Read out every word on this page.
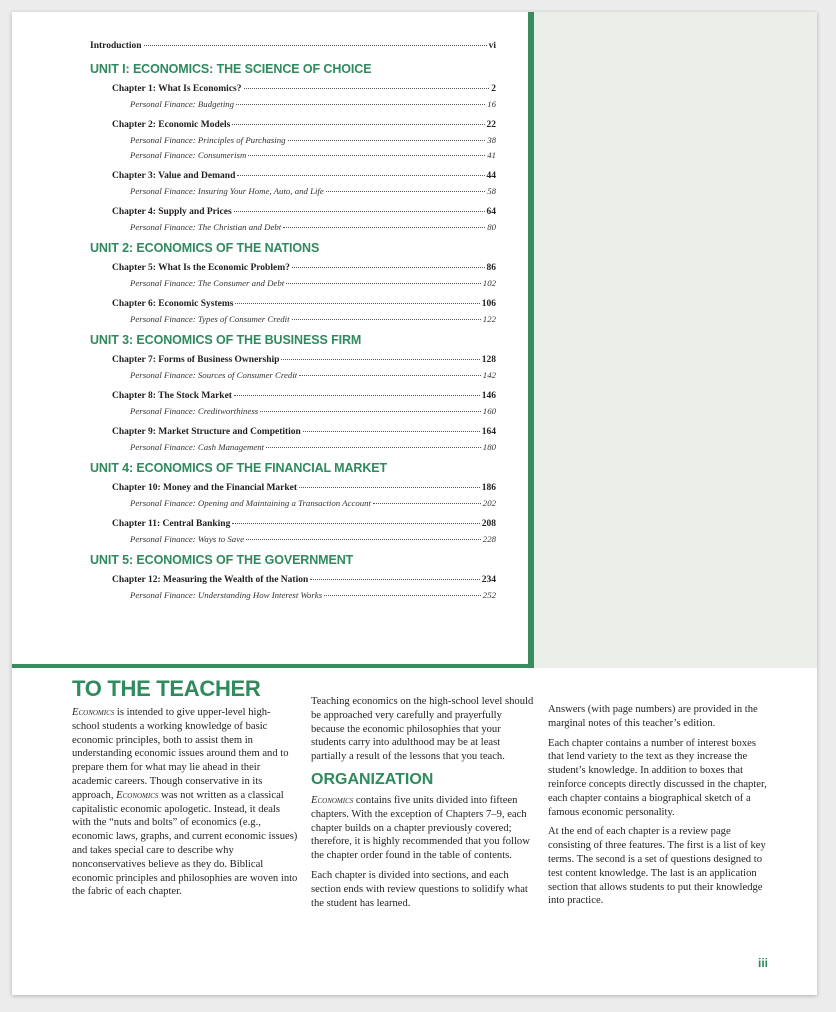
Introduction	vi
UNIT I: ECONOMICS: THE SCIENCE OF CHOICE
Chapter 1: What Is Economics?	2
Personal Finance: Budgeting	16
Chapter 2: Economic Models	22
Personal Finance: Principles of Purchasing	38
Personal Finance: Consumerism	41
Chapter 3: Value and Demand	44
Personal Finance: Insuring Your Home, Auto, and Life	58
Chapter 4: Supply and Prices	64
Personal Finance: The Christian and Debt	80
UNIT 2: ECONOMICS OF THE NATIONS
Chapter 5: What Is the Economic Problem?	86
Personal Finance: The Consumer and Debt	102
Chapter 6: Economic Systems	106
Personal Finance: Types of Consumer Credit	122
UNIT 3: ECONOMICS OF THE BUSINESS FIRM
Chapter 7: Forms of Business Ownership	128
Personal Finance: Sources of Consumer Credit	142
Chapter 8: The Stock Market	146
Personal Finance: Creditworthiness	160
Chapter 9: Market Structure and Competition	164
Personal Finance: Cash Management	180
UNIT 4: ECONOMICS OF THE FINANCIAL MARKET
Chapter 10: Money and the Financial Market	186
Personal Finance: Opening and Maintaining a Transaction Account	202
Chapter 11: Central Banking	208
Personal Finance: Ways to Save	228
UNIT 5: ECONOMICS OF THE GOVERNMENT
Chapter 12: Measuring the Wealth of the Nation	234
Personal Finance: Understanding How Interest Works	252
TO THE TEACHER

Economics is intended to give upper-level high-school students a working knowledge of basic economic principles, both to assist them in understanding economic issues around them and to prepare them for what may lie ahead in their academic careers. Though conservative in its approach, Economics was not written as a classical capitalistic economic apologetic. Instead, it deals with the “nuts and bolts” of economics (e.g., economic laws, graphs, and current economic issues) and takes special care to describe why nonconservatives believe as they do. Biblical economic principles and philosophies are woven into the fabric of each chapter.

Teaching economics on the high-school level should be approached very carefully and prayerfully because the economic philosophies that your students carry into adulthood may be at least partially a result of the lessons that you teach.

ORGANIZATION

Economics contains five units divided into fifteen chapters. With the exception of Chapters 7–9, each chapter builds on a chapter previously covered; therefore, it is highly recommended that you follow the chapter order found in the table of contents.

Each chapter is divided into sections, and each section ends with review questions to solidify what the student has learned.

Answers (with page numbers) are provided in the marginal notes of this teacher’s edition.

Each chapter contains a number of interest boxes that lend variety to the text as they increase the student’s knowledge. In addition to boxes that reinforce concepts directly discussed in the chapter, each chapter contains a biographical sketch of a famous economic personality.

At the end of each chapter is a review page consisting of three features. The first is a list of key terms. The second is a set of questions designed to test content knowledge. The last is an application section that allows students to put their knowledge into practice.

iii
